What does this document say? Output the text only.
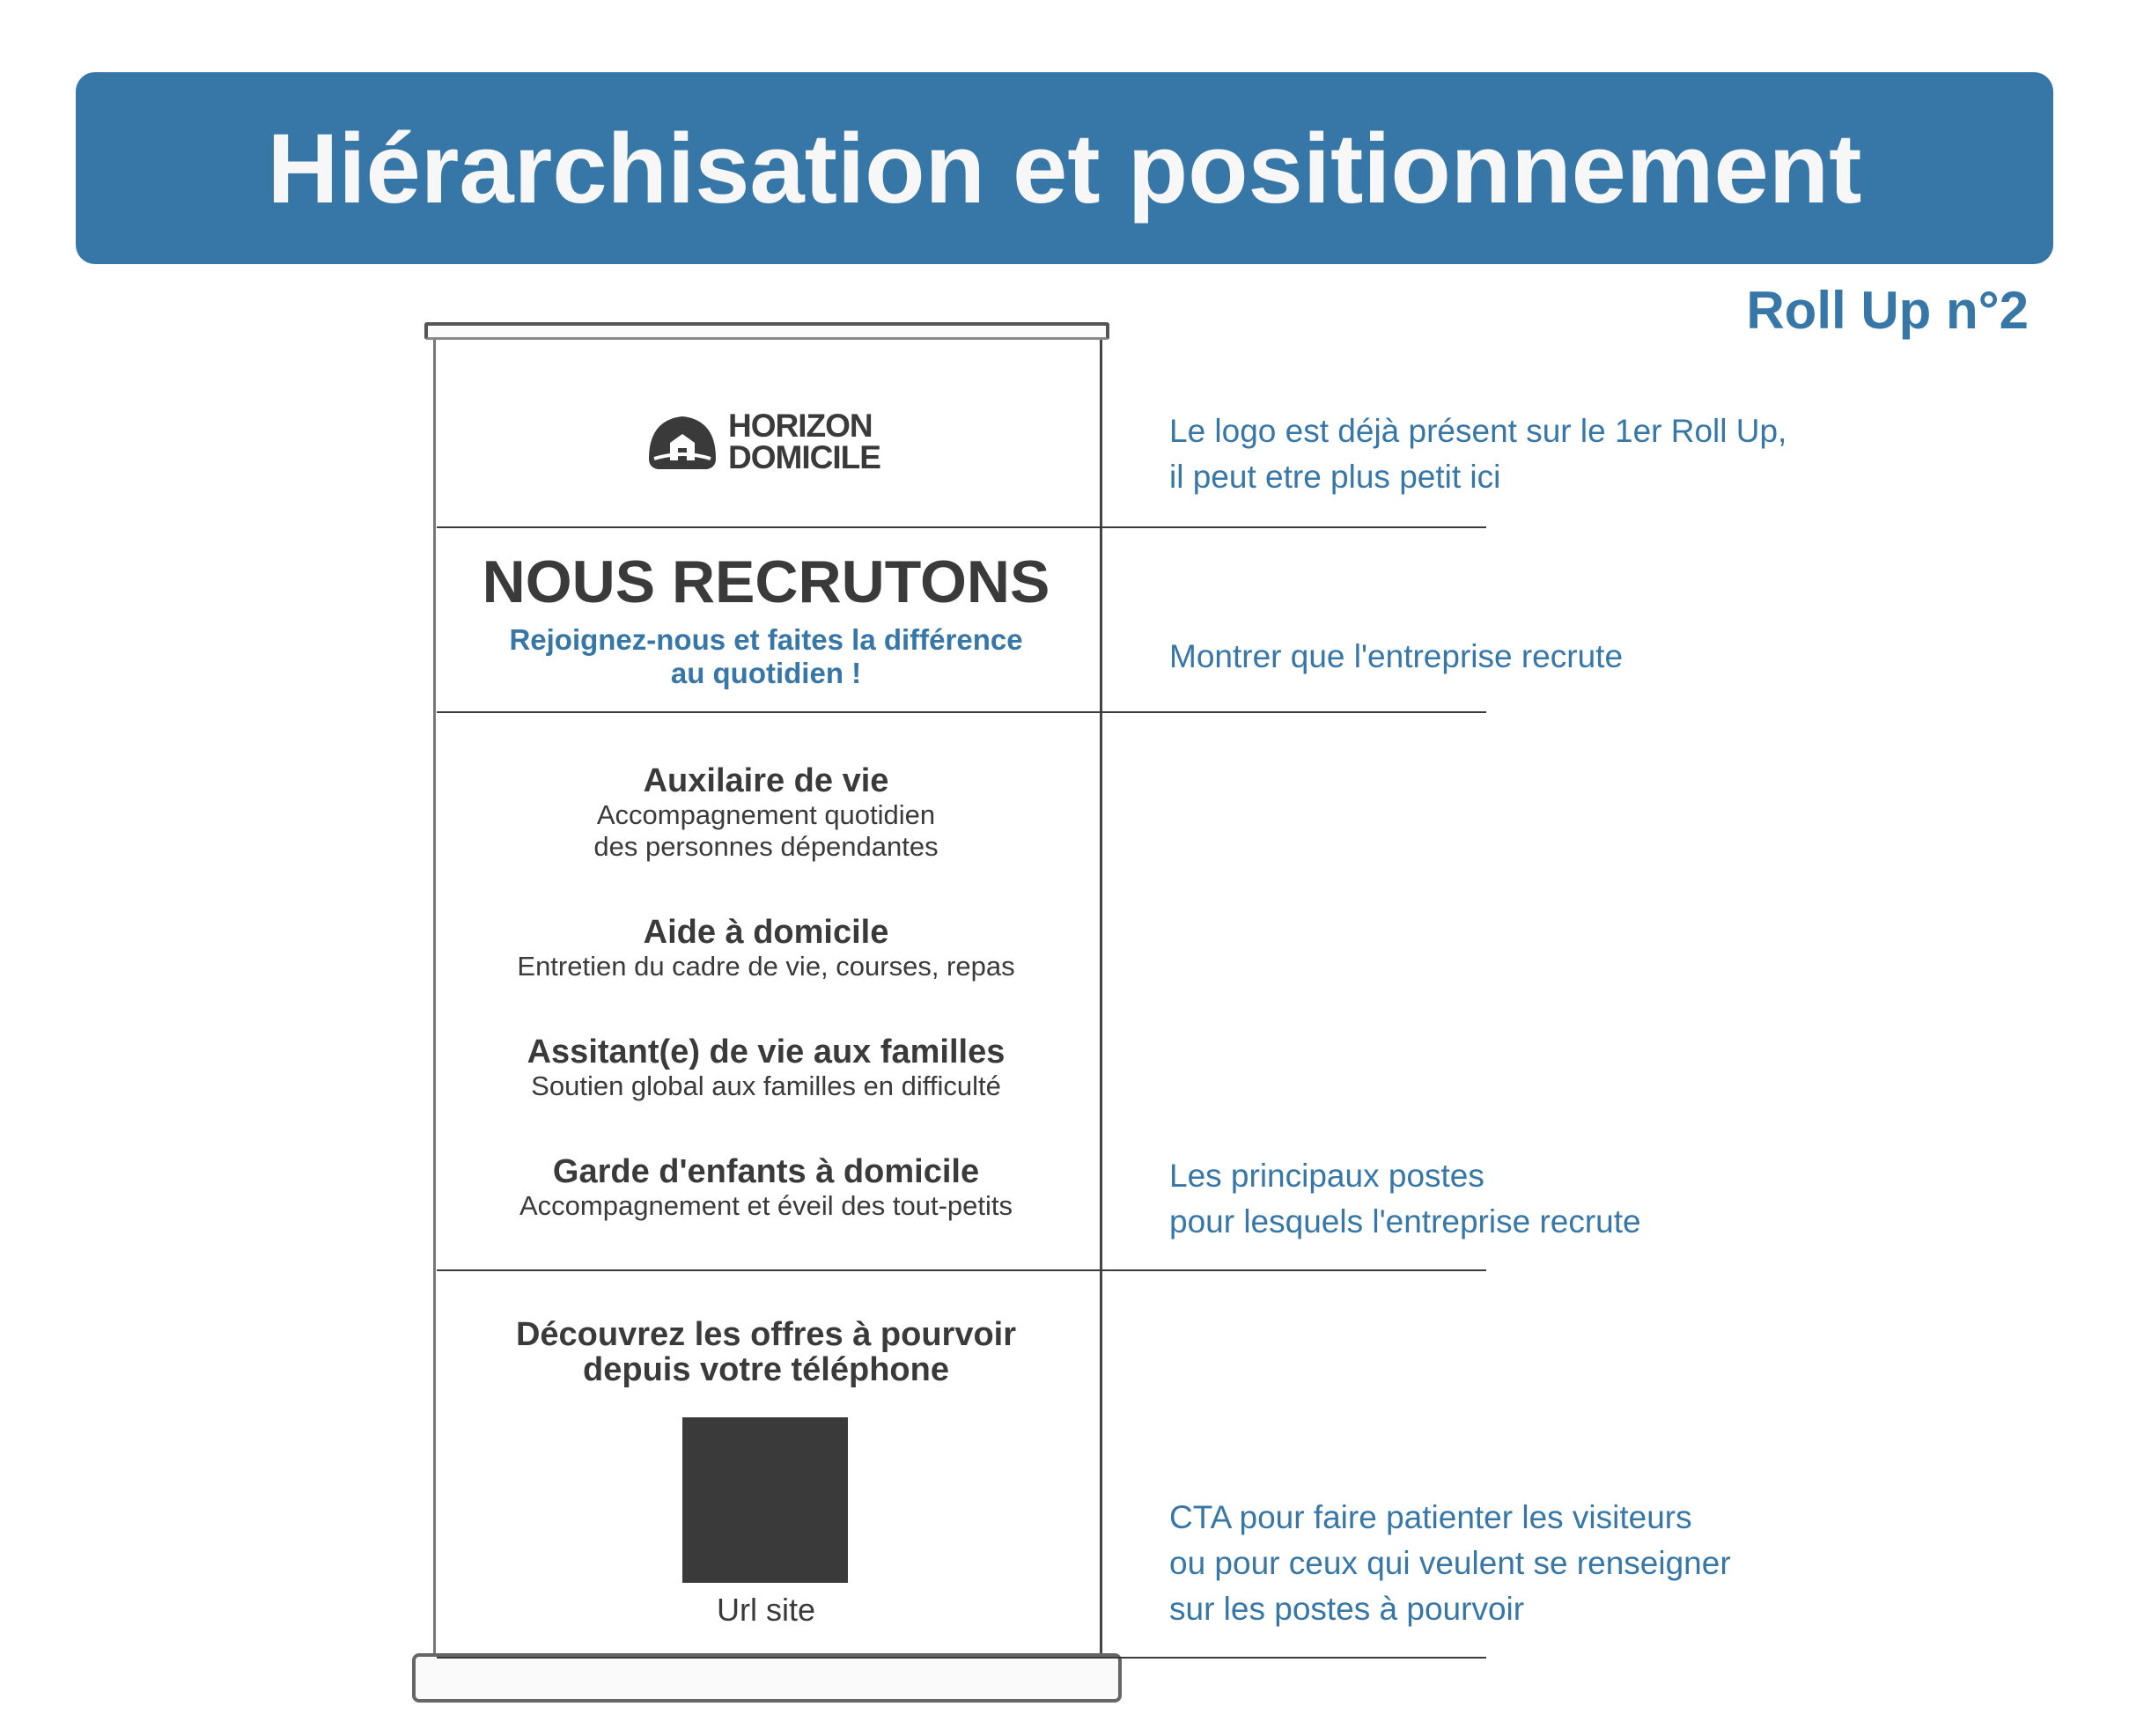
Hiérarchisation et positionnement
Roll Up n°2
HORIZON
DOMICILE
NOUS RECRUTONS
Rejoignez-nous et faites la différence
au quotidien !
Auxilaire de vie
Accompagnement quotidien
des personnes dépendantes
Aide à domicile
Entretien du cadre de vie, courses, repas
Assitant(e) de vie aux familles
Soutien global aux familles en difficulté
Garde d'enfants à domicile
Accompagnement et éveil des tout-petits
Découvrez les offres à pourvoir
depuis votre téléphone
Url site
Le logo est déjà présent sur le 1er Roll Up,
il peut etre plus petit ici
Montrer que l'entreprise recrute
Les principaux postes
pour lesquels l'entreprise recrute
CTA pour faire patienter les visiteurs
ou pour ceux qui veulent se renseigner
sur les postes à pourvoir
